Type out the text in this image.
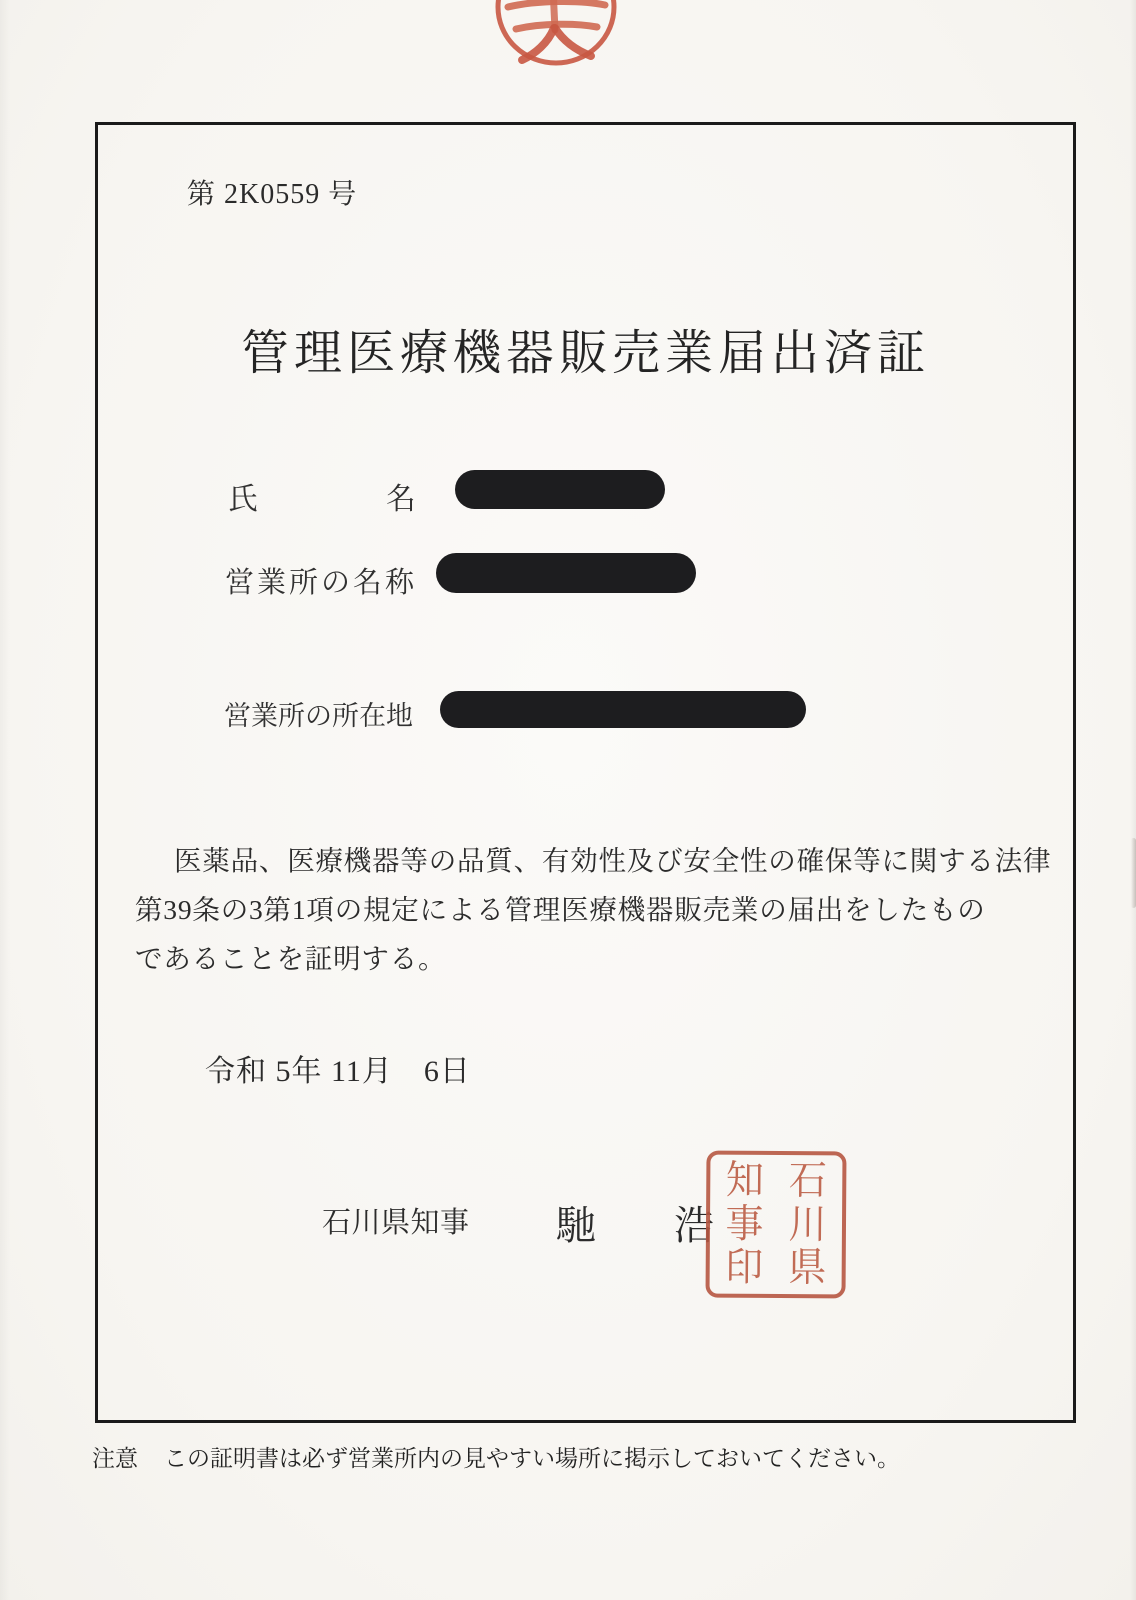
第 2K0559 号
管理医療機器販売業届出済証
氏	名
営業所の名称
営業所の所在地
医薬品、医療機器等の品質、有効性及び安全性の確保等に関する法律
第39条の3第1項の規定による管理医療機器販売業の届出をしたもの
であることを証明する。
令和 5年 11月　6日
石川県知事 馳 浩
石
川
県
知
事
印
注意 この証明書は必ず営業所内の見やすい場所に掲示しておいてください。
